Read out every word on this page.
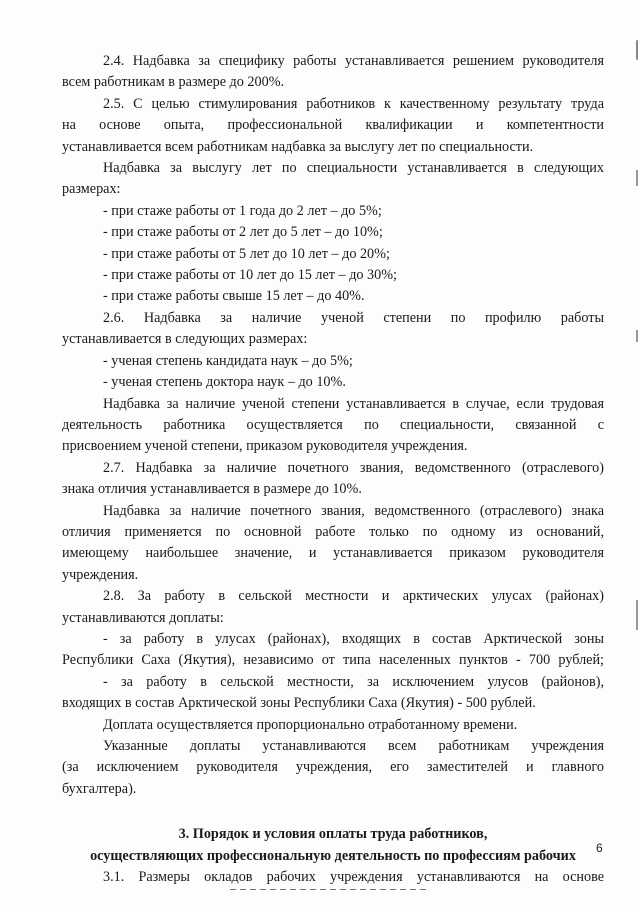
2.4. Надбавка за специфику работы устанавливается решением руководителя

всем работникам в размере до 200%.

2.5. С целью стимулирования работников к качественному результату труда

на основе опыта, профессиональной квалификации и компетентности

устанавливается всем работникам надбавка за выслугу лет по специальности.

Надбавка за выслугу лет по специальности устанавливается в следующих

размерах:

- при стаже работы от 1 года до 2 лет – до 5%;

- при стаже работы от 2 лет до 5 лет – до 10%;

- при стаже работы от 5 лет до 10 лет – до 20%;

- при стаже работы от 10 лет до 15 лет – до 30%;

- при стаже работы свыше 15 лет – до 40%.

2.6. Надбавка за наличие ученой степени по профилю работы

устанавливается в следующих размерах:

- ученая степень кандидата наук – до 5%;

- ученая степень доктора наук – до 10%.

Надбавка за наличие ученой степени устанавливается в случае, если трудовая

деятельность работника осуществляется по специальности, связанной с

присвоением ученой степени, приказом руководителя учреждения.

2.7. Надбавка за наличие почетного звания, ведомственного (отраслевого)

знака отличия устанавливается в размере до 10%.

Надбавка за наличие почетного звания, ведомственного (отраслевого) знака

отличия применяется по основной работе только по одному из оснований,

имеющему наибольшее значение, и устанавливается приказом руководителя

учреждения.

2.8. За работу в сельской местности и арктических улусах (районах)

устанавливаются доплаты:

- за работу в улусах (районах), входящих в состав Арктической зоны

Республики Саха (Якутия), независимо от типа населенных пунктов - 700 рублей;

- за работу в сельской местности, за исключением улусов (районов),

входящих в состав Арктической зоны Республики Саха (Якутия) - 500 рублей.

Доплата осуществляется пропорционально отработанному времени.

Указанные доплаты устанавливаются всем работникам учреждения

(за исключением руководителя учреждения, его заместителей и главного

бухгалтера).

3. Порядок и условия оплаты труда работников,

осуществляющих профессиональную деятельность по профессиям рабочих

3.1. Размеры окладов рабочих учреждения устанавливаются на основе

6
